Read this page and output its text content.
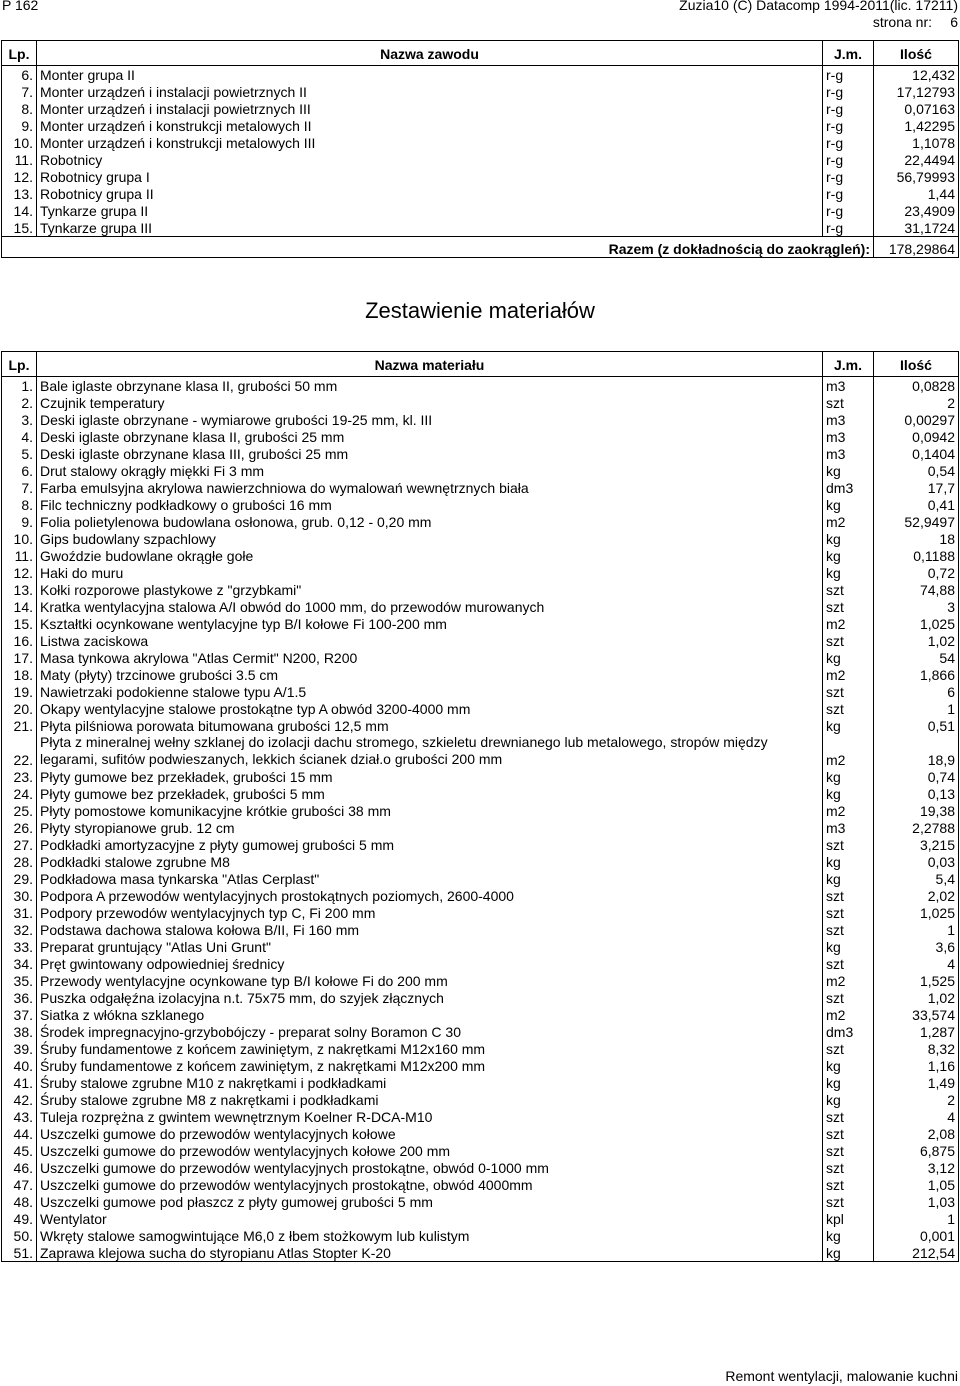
P 162	Zuzia10 (C) Datacomp 1994-2011(lic. 17211)
strona nr: 6
Lp.	Nazwa zawodu	J.m.	Ilość
6.	Monter grupa II	r-g	12,432
7.	Monter urządzeń i instalacji powietrznych II	r-g	17,12793
8.	Monter urządzeń i instalacji powietrznych III	r-g	0,07163
9.	Monter urządzeń i konstrukcji metalowych II	r-g	1,42295
10.	Monter urządzeń i konstrukcji metalowych III	r-g	1,1078
11.	Robotnicy	r-g	22,4494
12.	Robotnicy grupa I	r-g	56,79993
13.	Robotnicy grupa II	r-g	1,44
14.	Tynkarze grupa II	r-g	23,4909
15.	Tynkarze grupa III	r-g	31,1724
Razem (z dokładnością do zaokrągleń):			178,29864
Zestawienie materiałów
Lp.	Nazwa materiału	J.m.	Ilość
1.	Bale iglaste obrzynane klasa II, grubości 50 mm	m3	0,0828
2.	Czujnik temperatury	szt	2
3.	Deski iglaste obrzynane - wymiarowe grubości 19-25 mm, kl. III	m3	0,00297
4.	Deski iglaste obrzynane klasa II, grubości 25 mm	m3	0,0942
5.	Deski iglaste obrzynane klasa III, grubości 25 mm	m3	0,1404
6.	Drut stalowy okrągły miękki Fi 3 mm	kg	0,54
7.	Farba emulsyjna akrylowa nawierzchniowa do wymalowań wewnętrznych biała	dm3	17,7
8.	Filc techniczny podkładkowy o grubości 16 mm	kg	0,41
9.	Folia polietylenowa budowlana osłonowa, grub. 0,12 - 0,20 mm	m2	52,9497
10.	Gips budowlany szpachlowy	kg	18
11.	Gwoździe budowlane okrągłe gołe	kg	0,1188
12.	Haki do muru	kg	0,72
13.	Kołki rozporowe plastykowe z "grzybkami"	szt	74,88
14.	Kratka wentylacyjna stalowa A/I obwód do 1000 mm, do przewodów murowanych	szt	3
15.	Kształtki ocynkowane wentylacyjne typ B/I kołowe Fi 100-200 mm	m2	1,025
16.	Listwa zaciskowa	szt	1,02
17.	Masa tynkowa akrylowa "Atlas Cermit" N200, R200	kg	54
18.	Maty (płyty) trzcinowe grubości 3.5 cm	m2	1,866
19.	Nawietrzaki podokienne stalowe typu A/1.5	szt	6
20.	Okapy wentylacyjne stalowe prostokątne typ A obwód 3200-4000 mm	szt	1
21.	Płyta pilśniowa porowata bitumowana grubości 12,5 mm	kg	0,51
22.	Płyta z mineralnej wełny szklanej do izolacji dachu stromego, szkieletu drewnianego lub metalowego, stropów między legarami, sufitów podwieszanych, lekkich ścianek dział.o grubości 200 mm	m2	18,9
23.	Płyty gumowe bez przekładek, grubości 15 mm	kg	0,74
24.	Płyty gumowe bez przekładek, grubości 5 mm	kg	0,13
25.	Płyty pomostowe komunikacyjne krótkie grubości 38 mm	m2	19,38
26.	Płyty styropianowe grub. 12 cm	m3	2,2788
27.	Podkładki amortyzacyjne z płyty gumowej grubości 5 mm	szt	3,215
28.	Podkładki stalowe zgrubne M8	kg	0,03
29.	Podkładowa masa tynkarska "Atlas Cerplast"	kg	5,4
30.	Podpora A przewodów wentylacyjnych prostokątnych poziomych, 2600-4000	szt	2,02
31.	Podpory przewodów wentylacyjnych typ C, Fi 200 mm	szt	1,025
32.	Podstawa dachowa stalowa kołowa B/II, Fi 160 mm	szt	1
33.	Preparat gruntujący "Atlas Uni Grunt"	kg	3,6
34.	Pręt gwintowany odpowiedniej średnicy	szt	4
35.	Przewody wentylacyjne ocynkowane typ B/I kołowe Fi do 200 mm	m2	1,525
36.	Puszka odgałęźna izolacyjna n.t. 75x75 mm, do szyjek złącznych	szt	1,02
37.	Siatka z włókna szklanego	m2	33,574
38.	Środek impregnacyjno-grzybobójczy - preparat solny Boramon C 30	dm3	1,287
39.	Śruby fundamentowe z końcem zawiniętym, z nakrętkami M12x160 mm	szt	8,32
40.	Śruby fundamentowe z końcem zawiniętym, z nakrętkami M12x200 mm	kg	1,16
41.	Śruby stalowe zgrubne M10 z nakrętkami i podkładkami	kg	1,49
42.	Śruby stalowe zgrubne M8 z nakrętkami i podkładkami	kg	2
43.	Tuleja rozprężna z gwintem wewnętrznym Koelner R-DCA-M10	szt	4
44.	Uszczelki gumowe do przewodów wentylacyjnych kołowe	szt	2,08
45.	Uszczelki gumowe do przewodów wentylacyjnych kołowe 200 mm	szt	6,875
46.	Uszczelki gumowe do przewodów wentylacyjnych prostokątne, obwód 0-1000 mm	szt	3,12
47.	Uszczelki gumowe do przewodów wentylacyjnych prostokątne, obwód 4000mm	szt	1,05
48.	Uszczelki gumowe pod płaszcz z płyty gumowej grubości 5 mm	szt	1,03
49.	Wentylator	kpl	1
50.	Wkręty stalowe samogwintujące M6,0 z łbem stożkowym lub kulistym	kg	0,001
51.	Zaprawa klejowa sucha do styropianu Atlas Stopter K-20	kg	212,54
Remont wentylacji, malowanie kuchni
